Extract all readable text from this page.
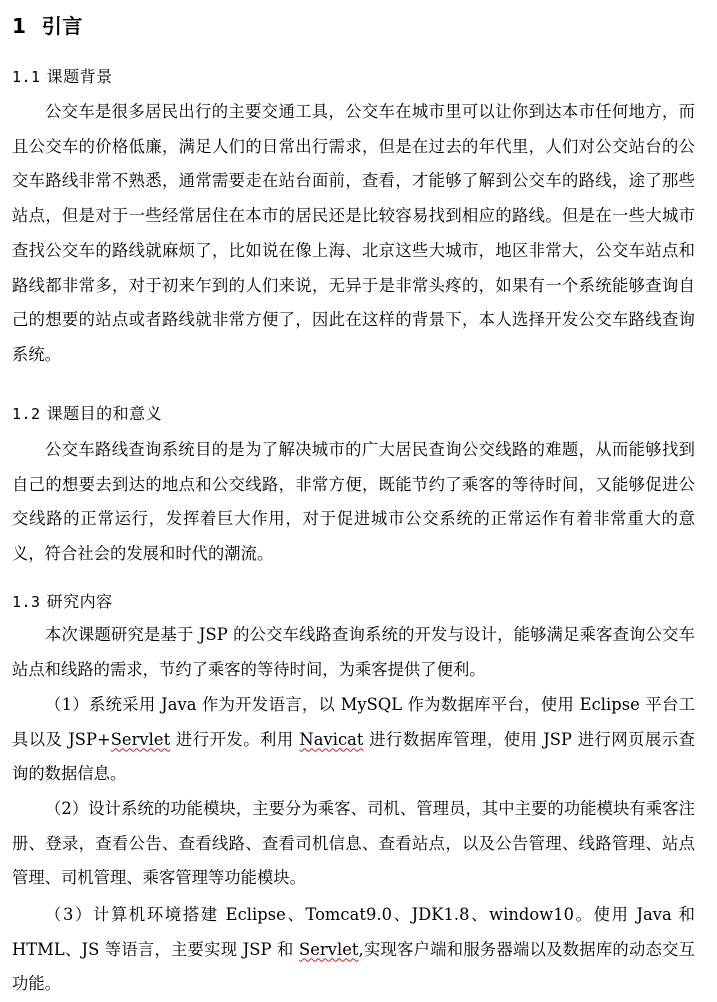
1 引言
1.1 课题背景

公交车是很多居民出行的主要交通工具，公交车在城市里可以让你到达本市任何地方，而且公交车的价格低廉，满足人们的日常出行需求，但是在过去的年代里，人们对公交站台的公交车路线非常不熟悉，通常需要走在站台面前，查看，才能够了解到公交车的路线，途了那些站点，但是对于一些经常居住在本市的居民还是比较容易找到相应的路线。但是在一些大城市查找公交车的路线就麻烦了，比如说在像上海、北京这些大城市，地区非常大，公交车站点和路线都非常多，对于初来乍到的人们来说，无异于是非常头疼的，如果有一个系统能够查询自己的想要的站点或者路线就非常方便了，因此在这样的背景下，本人选择开发公交车路线查询系统。

1.2 课题目的和意义

公交车路线查询系统目的是为了解决城市的广大居民查询公交线路的难题，从而能够找到自己的想要去到达的地点和公交线路，非常方便，既能节约了乘客的等待时间，又能够促进公交线路的正常运行，发挥着巨大作用，对于促进城市公交系统的正常运作有着非常重大的意义，符合社会的发展和时代的潮流。

1.3 研究内容

本次课题研究是基于 JSP 的公交车线路查询系统的开发与设计，能够满足乘客查询公交车站点和线路的需求，节约了乘客的等待时间，为乘客提供了便利。

（1）系统采用 Java 作为开发语言，以 MySQL 作为数据库平台，使用 Eclipse 平台工具以及 JSP+Servlet 进行开发。利用 Navicat 进行数据库管理，使用 JSP 进行网页展示查询的数据信息。

（2）设计系统的功能模块，主要分为乘客、司机、管理员，其中主要的功能模块有乘客注册、登录，查看公告、查看线路、查看司机信息、查看站点，以及公告管理、线路管理、站点管理、司机管理、乘客管理等功能模块。

（3）计算机环境搭建 Eclipse、Tomcat9.0、JDK1.8、window10。使用 Java 和 HTML、JS 等语言，主要实现 JSP 和 Servlet,实现客户端和服务器端以及数据库的动态交互功能。
